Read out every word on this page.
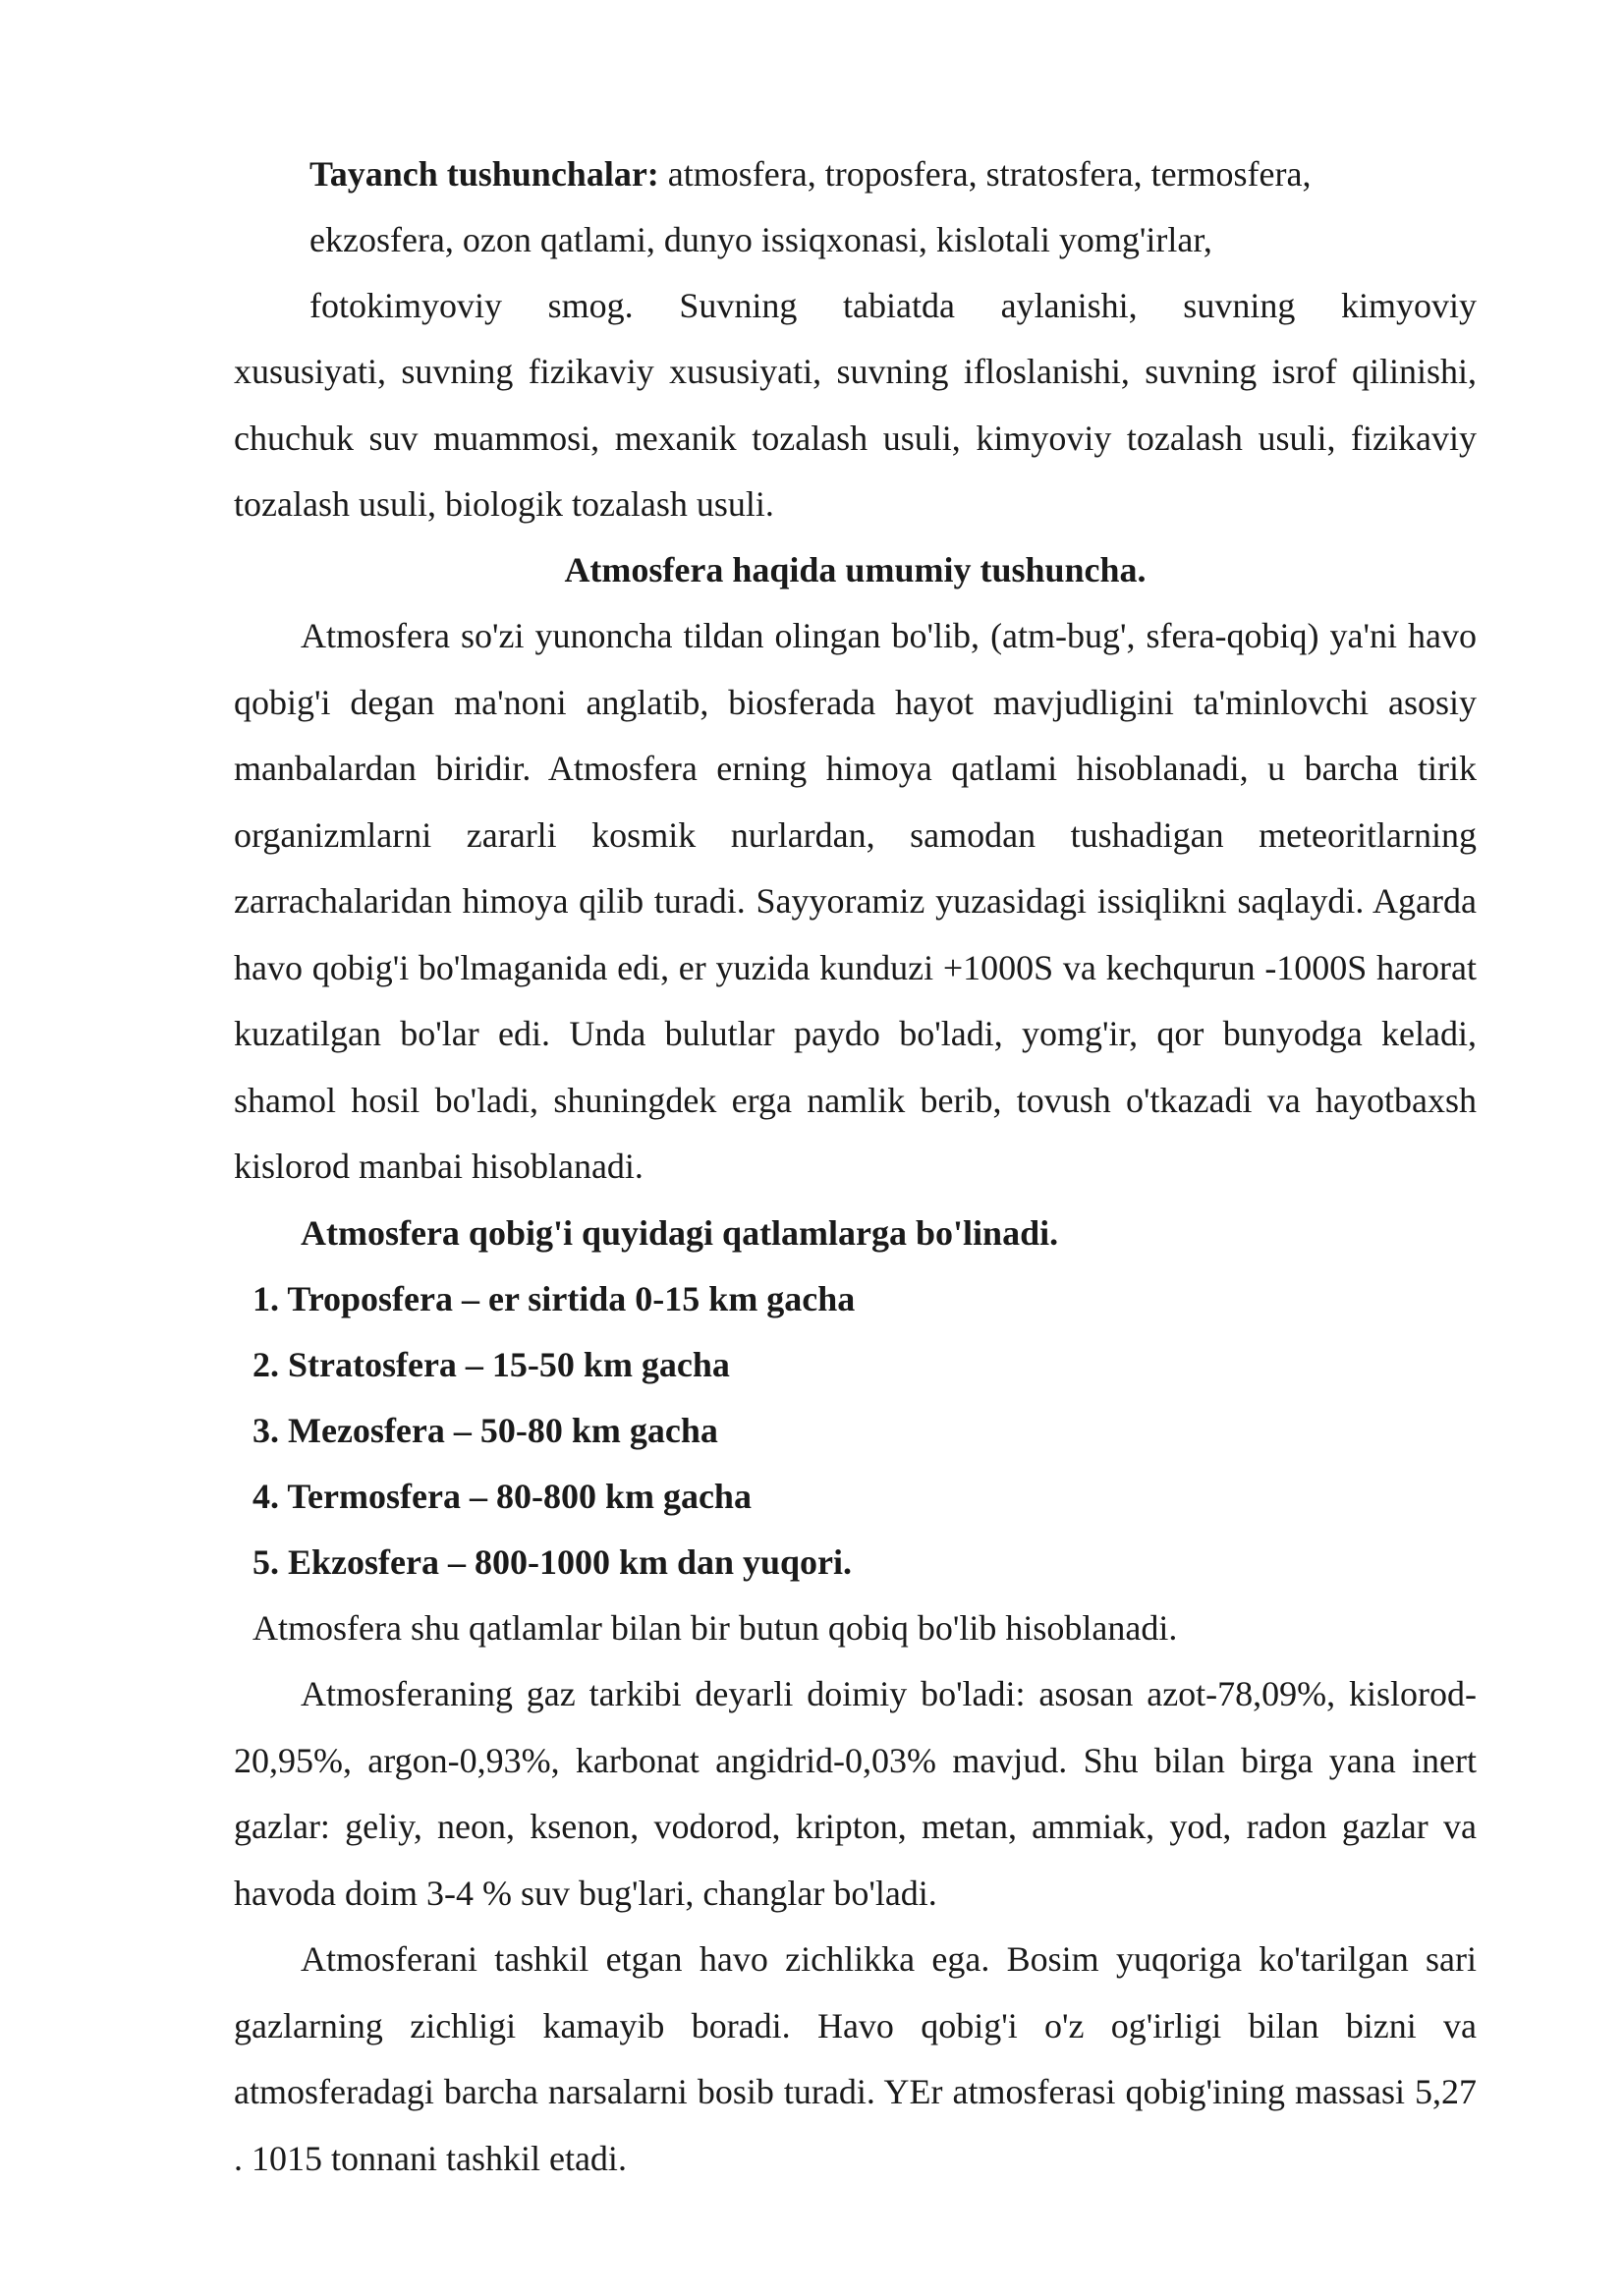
Tayanch tushunchalar: atmosfera, troposfera, stratosfera, termosfera,
ekzosfera, ozon qatlami, dunyo issiqxonasi, kislotali yomg'irlar,
fotokimyoviy smog. Suvning tabiatda aylanishi, suvning kimyoviy
xususiyati, suvning fizikaviy xususiyati, suvning ifloslanishi, suvning isrof qilinishi, chuchuk suv muammosi, mexanik tozalash usuli, kimyoviy tozalash usuli, fizikaviy tozalash usuli, biologik tozalash usuli.
Atmosfera haqida umumiy tushuncha.
Atmosfera so'zi yunoncha tildan olingan bo'lib, (atm-bug', sfera-qobiq) ya'ni havo qobig'i degan ma'noni anglatib, biosferada hayot mavjudligini ta'minlovchi asosiy manbalardan biridir. Atmosfera erning himoya qatlami hisoblanadi, u barcha tirik organizmlarni zararli kosmik nurlardan, samodan tushadigan meteoritlarning zarrachalaridan himoya qilib turadi. Sayyoramiz yuzasidagi issiqlikni saqlaydi. Agarda havo qobig'i bo'lmaganida edi, er yuzida kunduzi +1000S va kechqurun -1000S harorat kuzatilgan bo'lar edi. Unda bulutlar paydo bo'ladi, yomg'ir, qor bunyodga keladi, shamol hosil bo'ladi, shuningdek erga namlik berib, tovush o'tkazadi va hayotbaxsh kislorod manbai hisoblanadi.
Atmosfera qobig'i quyidagi qatlamlarga bo'linadi.
1. Troposfera – er sirtida 0-15 km gacha
2. Stratosfera – 15-50 km gacha
3. Mezosfera – 50-80 km gacha
4. Termosfera – 80-800 km gacha
5. Ekzosfera – 800-1000 km dan yuqori.
Atmosfera shu qatlamlar bilan bir butun qobiq bo'lib hisoblanadi.
Atmosferaning gaz tarkibi deyarli doimiy bo'ladi: asosan azot-78,09%, kislorod-20,95%, argon-0,93%, karbonat angidrid-0,03% mavjud. Shu bilan birga yana inert gazlar: geliy, neon, ksenon, vodorod, kripton, metan, ammiak, yod, radon gazlar va havoda doim 3-4 % suv bug'lari, changlar bo'ladi.
Atmosferani tashkil etgan havo zichlikka ega. Bosim yuqoriga ko'tarilgan sari gazlarning zichligi kamayib boradi. Havo qobig'i o'z og'irligi bilan bizni va atmosferadagi barcha narsalarni bosib turadi. YEr atmosferasi qobig'ining massasi 5,27 . 1015 tonnani tashkil etadi.
